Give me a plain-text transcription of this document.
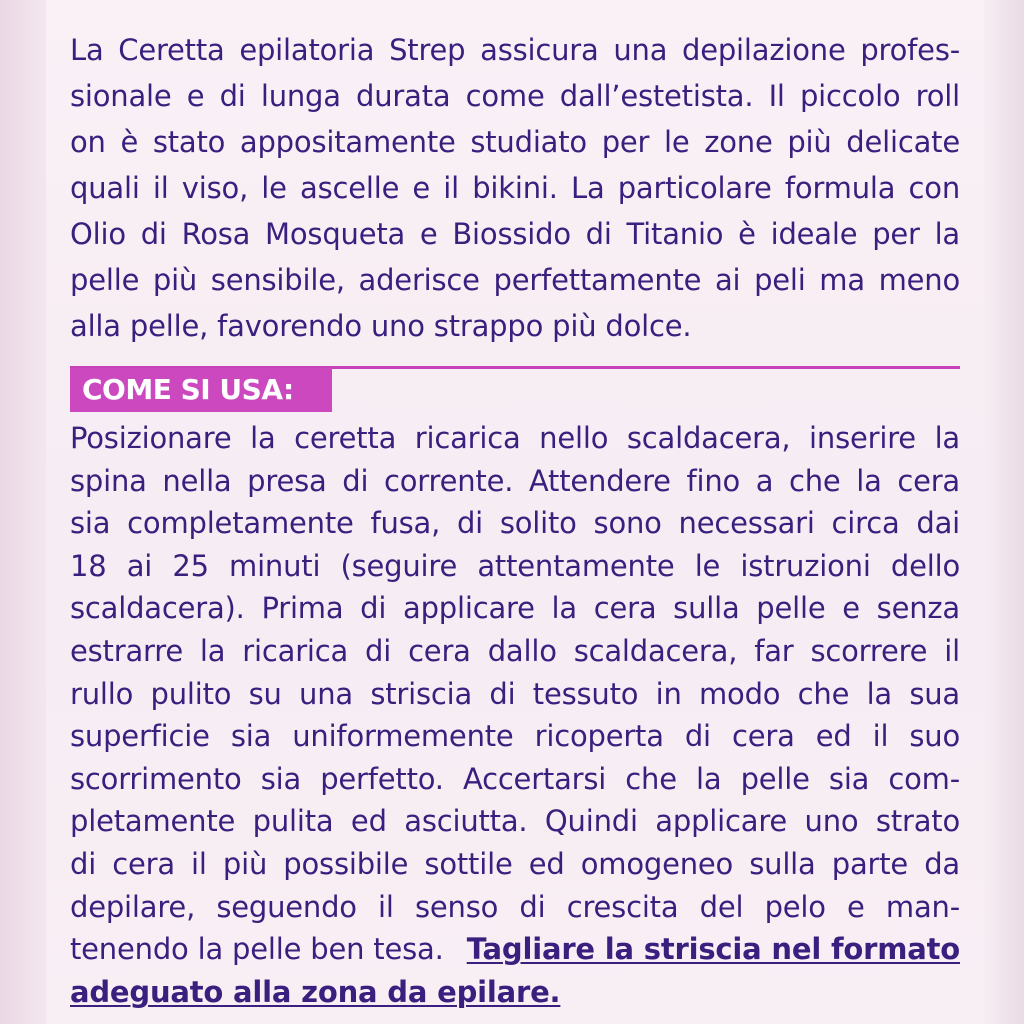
La Ceretta epilatoria Strep assicura una depilazione profes-
sionale e di lunga durata come dall’estetista. Il piccolo roll
on è stato appositamente studiato per le zone più delicate
quali il viso, le ascelle e il bikini. La particolare formula con
Olio di Rosa Mosqueta e Biossido di Titanio è ideale per la
pelle più sensibile, aderisce perfettamente ai peli ma meno
alla pelle, favorendo uno strappo più dolce.
COME SI USA:
Posizionare la ceretta ricarica nello scaldacera, inserire la
spina nella presa di corrente. Attendere fino a che la cera
sia completamente fusa, di solito sono necessari circa dai
18 ai 25 minuti (seguire attentamente le istruzioni dello
scaldacera). Prima di applicare la cera sulla pelle e senza
estrarre la ricarica di cera dallo scaldacera, far scorrere il
rullo pulito su una striscia di tessuto in modo che la sua
superficie sia uniformemente ricoperta di cera ed il suo
scorrimento sia perfetto. Accertarsi che la pelle sia com-
pletamente pulita ed asciutta. Quindi applicare uno strato
di cera il più possibile sottile ed omogeneo sulla parte da
depilare, seguendo il senso di crescita del pelo e man-
tenendo la pelle ben tesa. Tagliare la striscia nel formato
adeguato alla zona da epilare.
